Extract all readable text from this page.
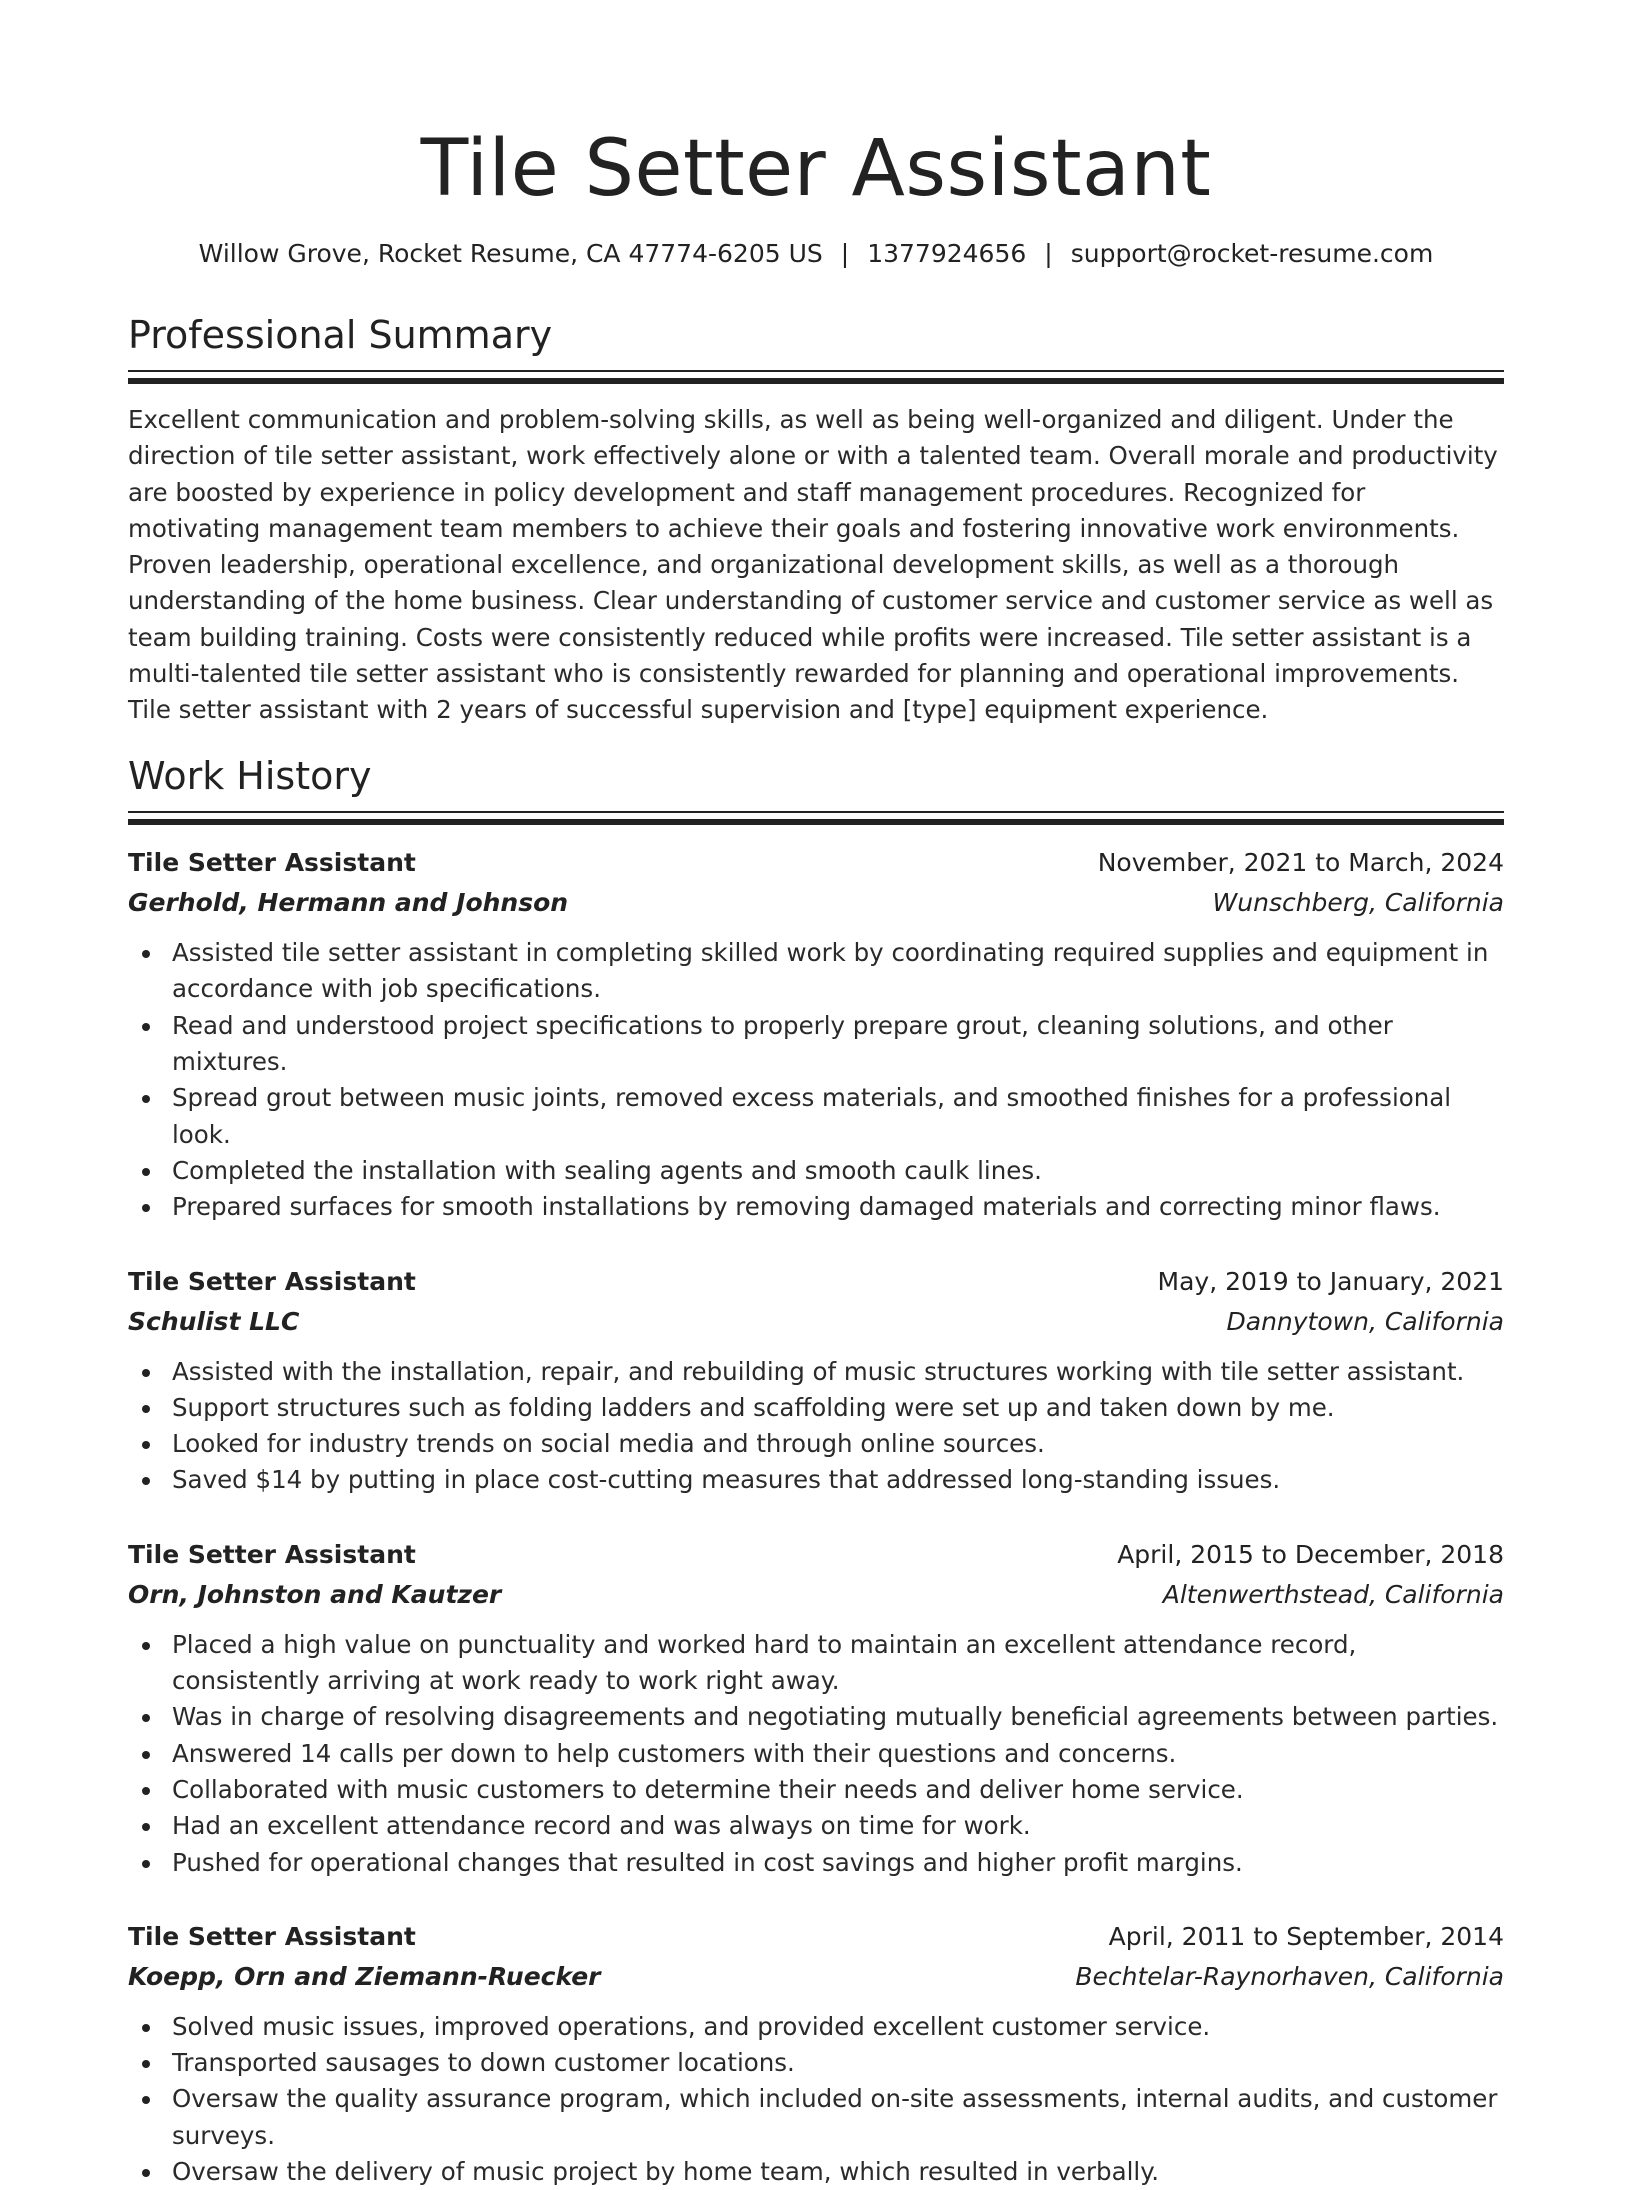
Tile Setter Assistant
Willow Grove, Rocket Resume, CA 47774-6205 US | 1377924656 | support@rocket-resume.com
Professional Summary

Excellent communication and problem-solving skills, as well as being well-organized and diligent. Under the direction of tile setter assistant, work effectively alone or with a talented team. Overall morale and productivity are boosted by experience in policy development and staff management procedures. Recognized for motivating management team members to achieve their goals and fostering innovative work environments. Proven leadership, operational excellence, and organizational development skills, as well as a thorough understanding of the home business. Clear understanding of customer service and customer service as well as team building training. Costs were consistently reduced while profits were increased. Tile setter assistant is a multi-talented tile setter assistant who is consistently rewarded for planning and operational improvements. Tile setter assistant with 2 years of successful supervision and [type] equipment experience.

Work History
Tile Setter Assistant	November, 2021 to March, 2024
Gerhold, Hermann and Johnson	Wunschberg, California
Assisted tile setter assistant in completing skilled work by coordinating required supplies and equipment in accordance with job specifications.
Read and understood project specifications to properly prepare grout, cleaning solutions, and other mixtures.
Spread grout between music joints, removed excess materials, and smoothed finishes for a professional look.
Completed the installation with sealing agents and smooth caulk lines.
Prepared surfaces for smooth installations by removing damaged materials and correcting minor flaws.
Tile Setter Assistant	May, 2019 to January, 2021
Schulist LLC	Dannytown, California
Assisted with the installation, repair, and rebuilding of music structures working with tile setter assistant.
Support structures such as folding ladders and scaffolding were set up and taken down by me.
Looked for industry trends on social media and through online sources.
Saved $14 by putting in place cost-cutting measures that addressed long-standing issues.
Tile Setter Assistant	April, 2015 to December, 2018
Orn, Johnston and Kautzer	Altenwerthstead, California
Placed a high value on punctuality and worked hard to maintain an excellent attendance record, consistently arriving at work ready to work right away.
Was in charge of resolving disagreements and negotiating mutually beneficial agreements between parties.
Answered 14 calls per down to help customers with their questions and concerns.
Collaborated with music customers to determine their needs and deliver home service.
Had an excellent attendance record and was always on time for work.
Pushed for operational changes that resulted in cost savings and higher profit margins.
Tile Setter Assistant	April, 2011 to September, 2014
Koepp, Orn and Ziemann-Ruecker	Bechtelar-Raynorhaven, California
Solved music issues, improved operations, and provided excellent customer service.
Transported sausages to down customer locations.
Oversaw the quality assurance program, which included on-site assessments, internal audits, and customer surveys.
Oversaw the delivery of music project by home team, which resulted in verbally.
